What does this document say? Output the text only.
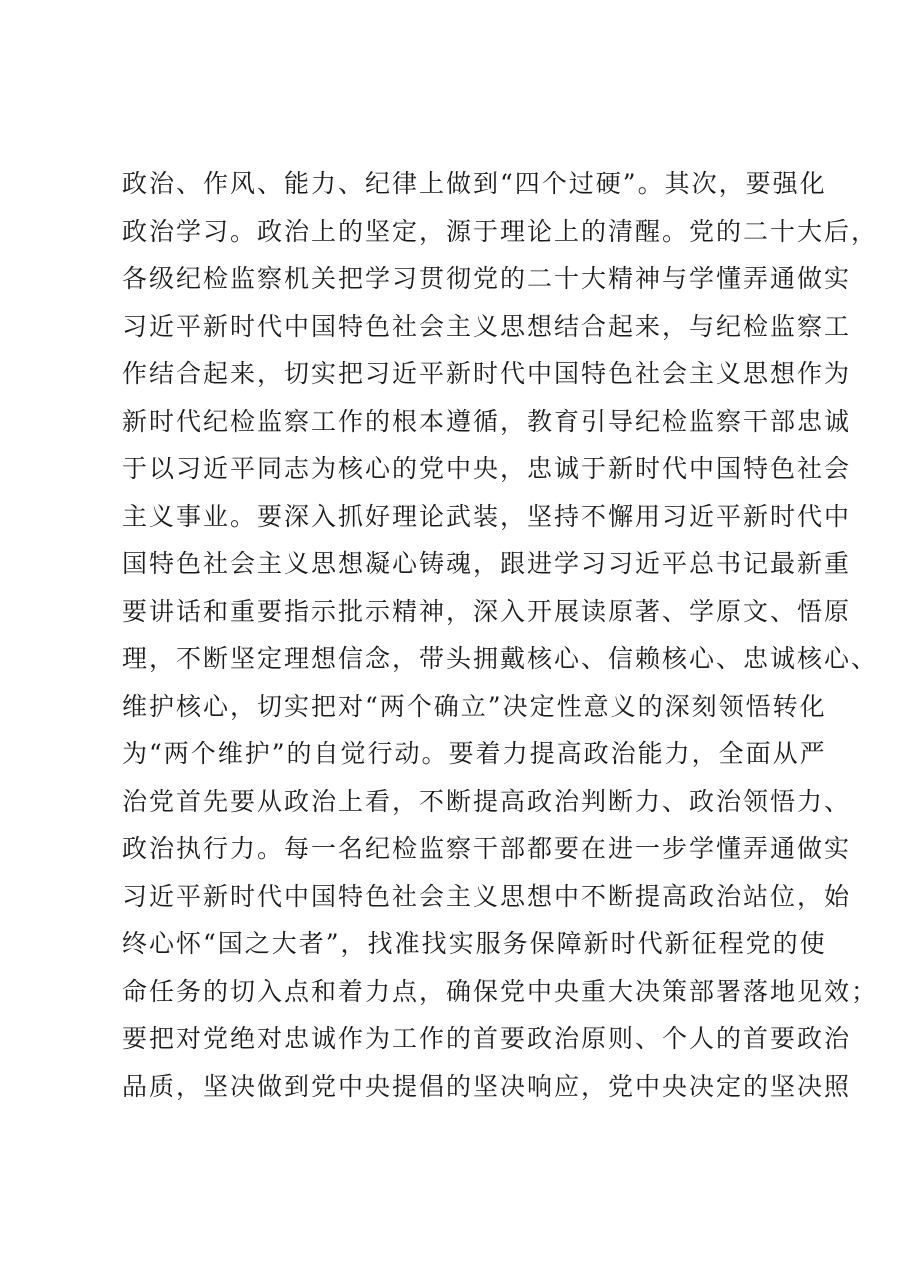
政治、作风、能力、纪律上做到“四个过硬”。其次，要强化
政治学习。政治上的坚定，源于理论上的清醒。党的二十大后，
各级纪检监察机关把学习贯彻党的二十大精神与学懂弄通做实
习近平新时代中国特色社会主义思想结合起来，与纪检监察工
作结合起来，切实把习近平新时代中国特色社会主义思想作为
新时代纪检监察工作的根本遵循，教育引导纪检监察干部忠诚
于以习近平同志为核心的党中央，忠诚于新时代中国特色社会
主义事业。要深入抓好理论武装，坚持不懈用习近平新时代中
国特色社会主义思想凝心铸魂，跟进学习习近平总书记最新重
要讲话和重要指示批示精神，深入开展读原著、学原文、悟原
理，不断坚定理想信念，带头拥戴核心、信赖核心、忠诚核心、
维护核心，切实把对“两个确立”决定性意义的深刻领悟转化
为“两个维护”的自觉行动。要着力提高政治能力，全面从严
治党首先要从政治上看，不断提高政治判断力、政治领悟力、
政治执行力。每一名纪检监察干部都要在进一步学懂弄通做实
习近平新时代中国特色社会主义思想中不断提高政治站位，始
终心怀“国之大者”，找准找实服务保障新时代新征程党的使
命任务的切入点和着力点，确保党中央重大决策部署落地见效；
要把对党绝对忠诚作为工作的首要政治原则、个人的首要政治
品质，坚决做到党中央提倡的坚决响应，党中央决定的坚决照
